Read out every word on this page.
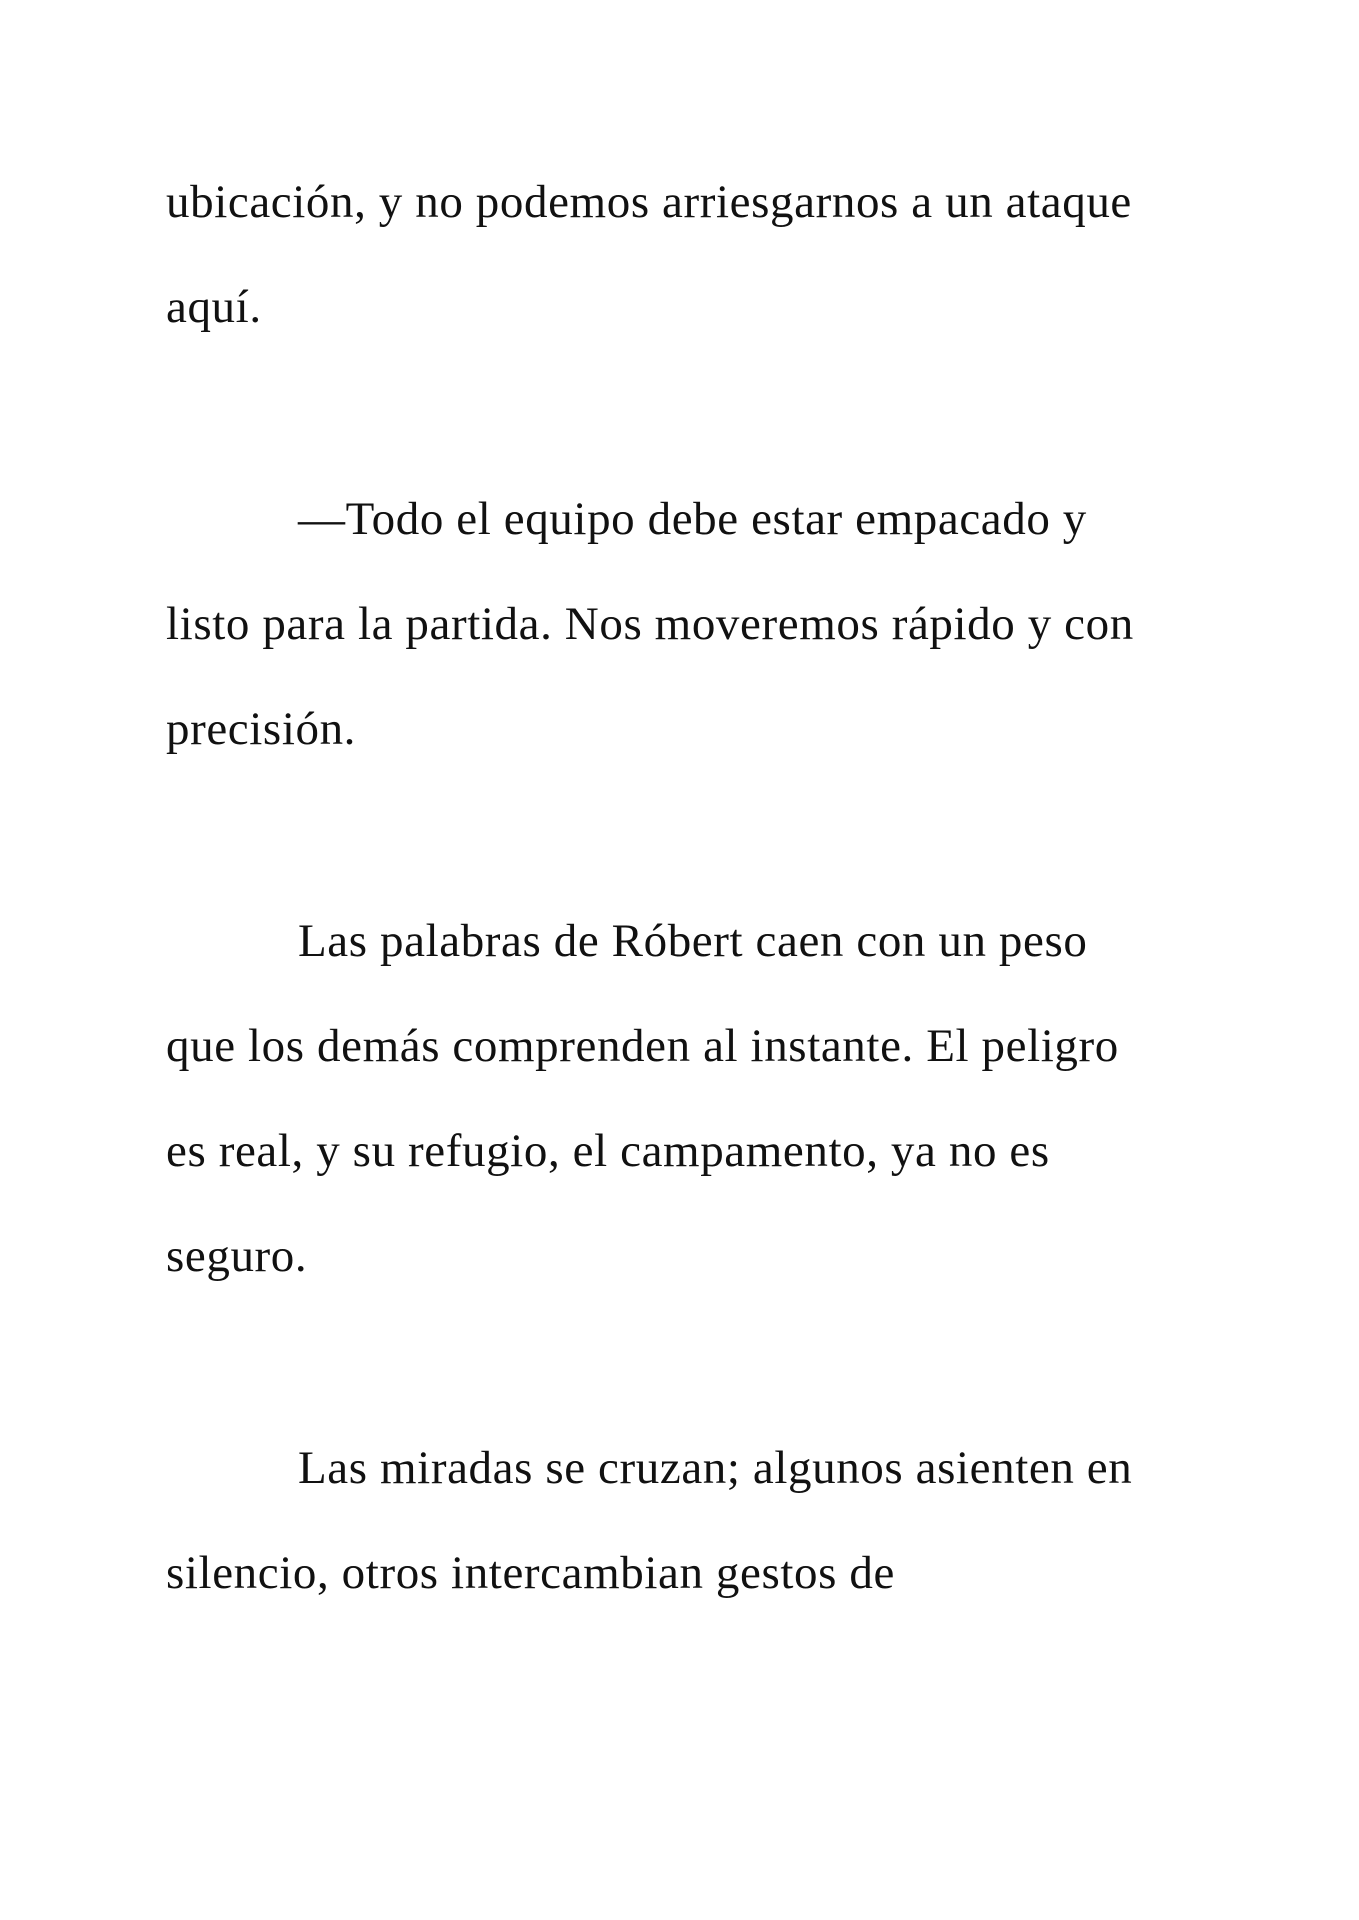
ubicación, y no podemos arriesgarnos a un ataque

aquí.

—Todo el equipo debe estar empacado y

listo para la partida. Nos moveremos rápido y con

precisión.

Las palabras de Róbert caen con un peso

que los demás comprenden al instante. El peligro

es real, y su refugio, el campamento, ya no es

seguro.

Las miradas se cruzan; algunos asienten en

silencio, otros intercambian gestos de
